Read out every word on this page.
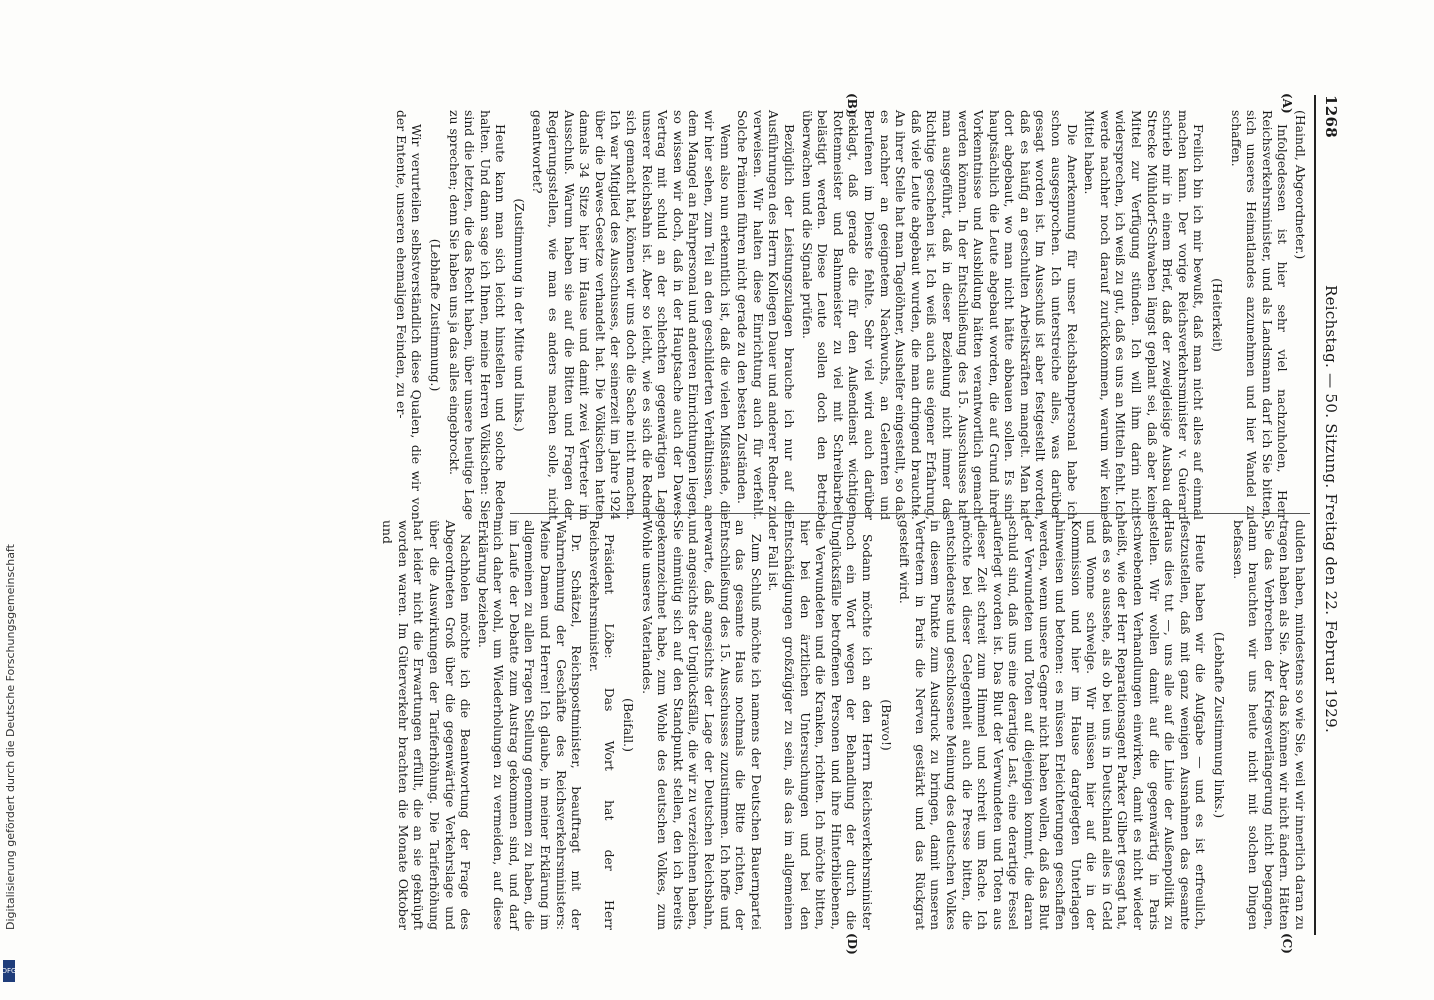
1268
Reichstag. — 50. Sitzung. Freitag den 22. Februar 1929.
(A)
(B)
(C)
(D)

(Haindl, Abgeordneter.)

Infolgedessen ist hier sehr viel nachzuholen, Herr Reichsverkehrsminister, und als Landsmann darf ich Sie bitten, sich unseres Heimatlandes anzunehmen und hier Wandel zu schaffen.

(Heiterkeit)

Freilich bin ich mir bewußt, daß man nicht alles auf einmal machen kann. Der vorige Reichsverkehrsminister v. Guérard schrieb mir in einem Brief, daß der zweigleisige Ausbau der Strecke Mühldorf-Schwaben längst geplant sei, daß aber keine Mittel zur Verfügung stünden. Ich will ihm darin nicht widersprechen, ich weiß zu gut, daß es uns an Mitteln fehlt. Ich werde nachher noch darauf zurückkommen, warum wir keine Mittel haben.

Die Anerkennung für unser Reichsbahnpersonal habe ich schon ausgesprochen. Ich unterstreiche alles, was darüber gesagt worden ist. Im Ausschuß ist aber festgestellt worden, daß es häufig an geschulten Arbeitskräften mangelt. Man hat dort abgebaut, wo man nicht hätte abbauen sollen. Es sind hauptsächlich die Leute abgebaut worden, die auf Grund ihrer Vorkenntnisse und Ausbildung hätten verantwortlich gemacht werden können. In der Entschließung des 15. Ausschusses hat man ausgeführt, daß in dieser Beziehung nicht immer das Richtige geschehen ist. Ich weiß auch aus eigener Erfahrung, daß viele Leute abgebaut wurden, die man dringend brauchte. An ihrer Stelle hat man Tagelöhner, Aushelfer eingestellt, so daß es nachher an geeignetem Nachwuchs, an Gelernten und Berufenen im Dienste fehlte. Sehr viel wird auch darüber geklagt, daß gerade die für den Außendienst wichtigen Rottenmeister und Bahnmeister zu viel mit Schreibarbeit belästigt werden. Diese Leute sollen doch den Betrieb überwachen und die Signale prüfen.

Bezüglich der Leistungszulagen brauche ich nur auf die Ausführungen des Herrn Kollegen Dauer und anderer Redner zu verweisen. Wir halten diese Einrichtung auch für verfehlt. Solche Prämien führen nicht gerade zu den besten Zuständen.

Wenn also nun erkenntlich ist, daß die vielen Mißstände, die wir hier sehen, zum Teil an den geschilderten Verhältnissen, an dem Mangel an Fahrpersonal und anderen Einrichtungen liegen, so wissen wir doch, daß in der Hauptsache auch der Dawes-Vertrag mit schuld an der schlechten gegenwärtigen Lage unserer Reichsbahn ist. Aber so leicht, wie es sich die Redner sich gemacht hat, können wir uns doch die Sache nicht machen. Ich war Mitglied des Ausschusses, der seinerzeit im Jahre 1924 über die Dawes-Gesetze verhandelt hat. Die Völkischen hatten damals 34 Sitze hier im Hause und damit zwei Vertreter im Ausschuß. Warum haben sie auf die Bitten und Fragen der Regierungsstellen, wie man es anders machen solle, nicht geantwortet?

(Zustimmung in der Mitte und links.)

Heute kann man sich leicht hinstellen und solche Reden halten. Und dann sage ich Ihnen, meine Herren Völkischen: Sie sind die letzten, die das Recht haben, über unsere heutige Lage zu sprechen; denn Sie haben uns ja das alles eingebrockt.

(Lebhafte Zustimmung.)

Wir verurteilen selbstverständlich diese Qualen, die wir von der Entente, unseren ehemaligen Feinden, zu er-

dulden haben, mindestens so wie Sie, weil wir innerlich daran zu tragen haben als Sie. Aber das können wir nicht ändern. Hätten Sie das Verbrechen der Kriegsverlängerung nicht begangen, dann brauchten wir uns heute nicht mit solchen Dingen befassen.

(Lebhafte Zustimmung links.)

Heute haben wir die Aufgabe — und es ist erfreulich, festzustellen, daß mit ganz wenigen Ausnahmen das gesamte Haus dies tut —, uns alle auf die Linie der Außenpolitik zu stellen. Wir wollen damit auf die gegenwärtig in Paris schwebenden Verhandlungen einwirken, damit es nicht wieder heißt, wie der Herr Reparationsagent Parker Gilbert gesagt hat, daß es so aussehe, als ob bei uns in Deutschland alles in Geld und Wonne schwelge. Wir müssen hier auf die in der Kommission und hier im Hause dargelegten Unterlagen hinweisen und betonen: es müssen Erleichterungen geschaffen werden, wenn unsere Gegner nicht haben wollen, daß das Blut der Verwundeten und Toten auf diejenigen kommt, die daran schuld sind, daß uns eine derartige Last, eine derartige Fessel auferlegt worden ist. Das Blut der Verwundeten und Toten aus dieser Zeit schreit zum Himmel und schreit um Rache. Ich möchte bei dieser Gelegenheit auch die Presse bitten, die entschiedenste und geschlossene Meinung des deutschen Volkes in diesem Punkte zum Ausdruck zu bringen, damit unseren Vertretern in Paris die Nerven gestärkt und das Rückgrat gesteift wird.

(Bravo!)

Sodann möchte ich an den Herrn Reichsverkehrsminister noch ein Wort wegen der Behandlung der durch die Unglücksfälle betroffenen Personen und ihre Hinterbliebenen, die Verwundeten und die Kranken, richten. Ich möchte bitten, hier bei den ärztlichen Untersuchungen und bei den Entschädigungen großzügiger zu sein, als das im allgemeinen der Fall ist.

Zum Schluß möchte ich namens der Deutschen Bauernpartei an das gesamte Haus nochmals die Bitte richten, der Entschließung des 15. Ausschusses zuzustimmen. Ich hoffe und erwarte, daß angesichts der Lage der Deutschen Reichsbahn, und angesichts der Unglücksfälle, die wir zu verzeichnen haben, Sie einmütig sich auf den Standpunkt stellen, den ich bereits gekennzeichnet habe, zum Wohle des deutschen Volkes, zum Wohle unseres Vaterlandes.

(Beifall.)

Präsident Löbe: Das Wort hat der Herr Reichsverkehrsminister.

Dr. Schätzel, Reichspostminister, beauftragt mit der Wahrnehmung der Geschäfte des Reichsverkehrsministers: Meine Damen und Herren! Ich glaube, in meiner Erklärung im allgemeinen zu allen Fragen Stellung genommen zu haben, die im Laufe der Debatte zum Austrag gekommen sind, und darf mich daher wohl, um Wiederholungen zu vermeiden, auf diese Erklärung beziehen.

Nachholen möchte ich die Beantwortung der Frage des Abgeordneten Groß über die gegenwärtige Verkehrslage und über die Auswirkungen der Tariferhöhung. Die Tariferhöhung hat leider nicht die Erwartungen erfüllt, die an sie geknüpft worden waren. Im Güterverkehr brachten die Monate Oktober und

Digitalisierung gefördert durch die Deutsche Forschungsgemeinschaft
DFG
